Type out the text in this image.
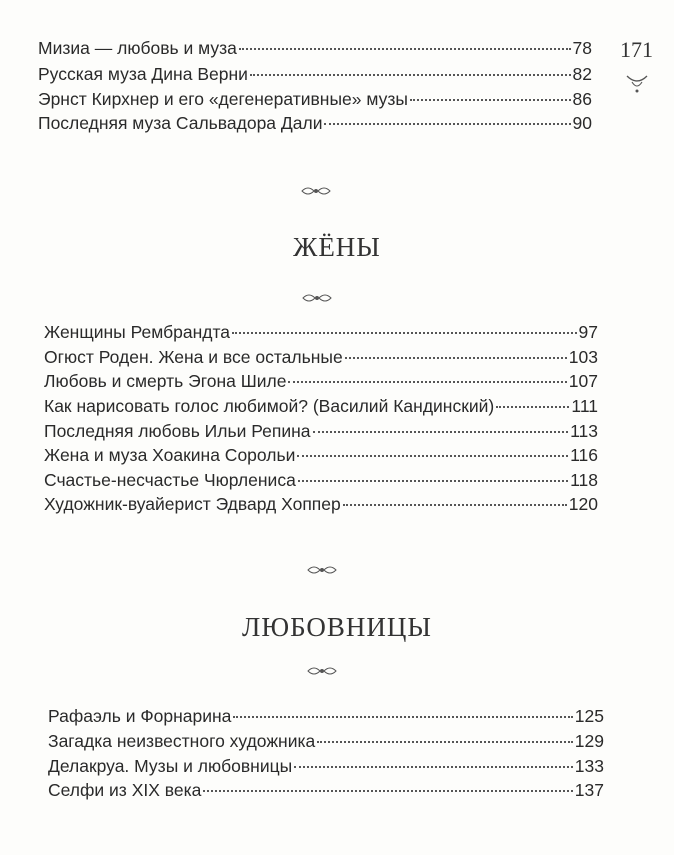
171
Мизиа — любовь и муза	78
Русская муза Дина Верни	82
Эрнст Кирхнер и его «дегенеративные» музы	86
Последняя муза Сальвадора Дали	90
ЖЁНЫ
Женщины Рембрандта	97
Огюст Роден. Жена и все остальные	103
Любовь и смерть Эгона Шиле	107
Как нарисовать голос любимой? (Василий Кандинский)	111
Последняя любовь Ильи Репина	113
Жена и муза Хоакина Сорольи	116
Счастье-несчастье Чюрлениса	118
Художник-вуайерист Эдвард Хоппер	120
ЛЮБОВНИЦЫ
Рафаэль и Форнарина	125
Загадка неизвестного художника	129
Делакруа. Музы и любовницы	133
Селфи из XIX века	137
